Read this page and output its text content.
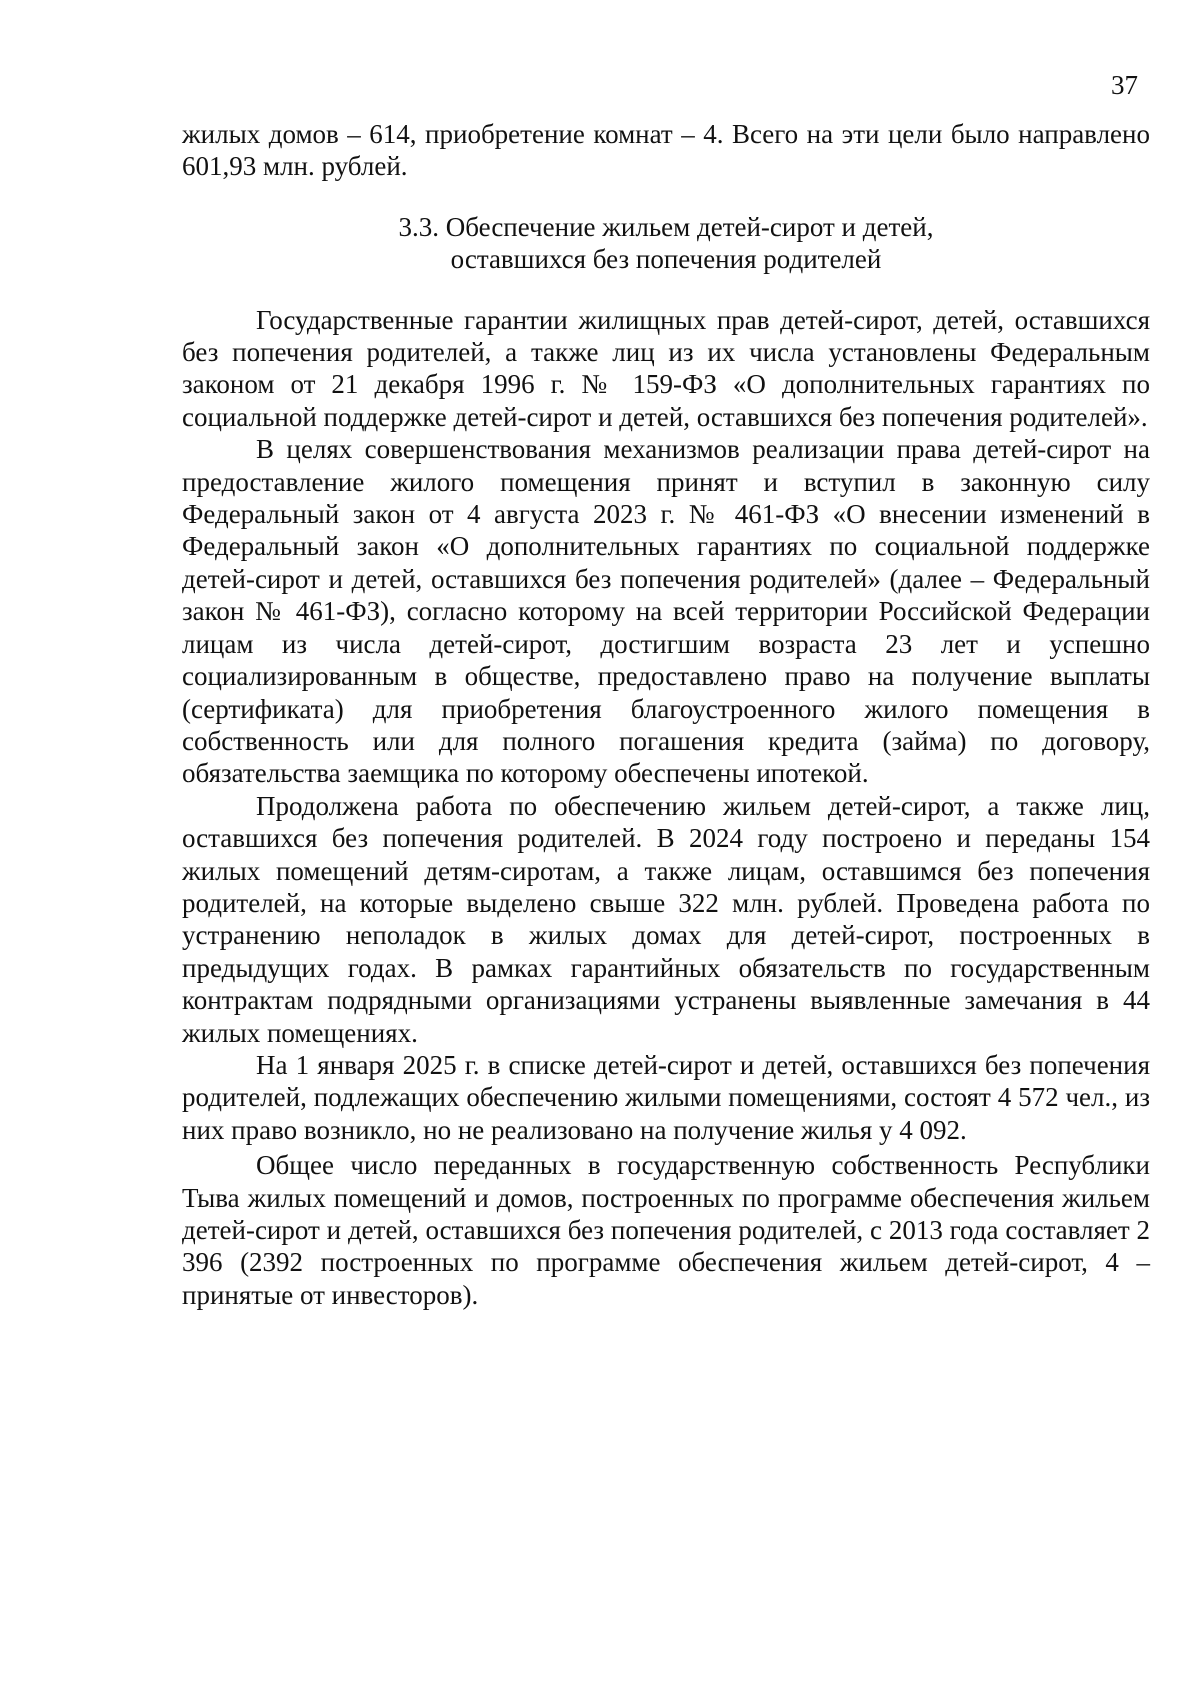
37

жилых домов – 614, приобретение комнат – 4. Всего на эти цели было направлено 601,93 млн. рублей.

3.3. Обеспечение жильем детей-сирот и детей,
оставшихся без попечения родителей

Государственные гарантии жилищных прав детей-сирот, детей, оставшихся без попечения родителей, а также лиц из их числа установлены Федеральным законом от 21 декабря 1996 г. № 159-ФЗ «О дополнительных гарантиях по социальной поддержке детей-сирот и детей, оставшихся без попечения родителей».

В целях совершенствования механизмов реализации права детей-сирот на предоставление жилого помещения принят и вступил в законную силу Федеральный закон от 4 августа 2023 г. № 461-ФЗ «О внесении изменений в Федеральный закон «О дополнительных гарантиях по социальной поддержке детей-сирот и детей, оставшихся без попечения родителей» (далее – Федеральный закон № 461-ФЗ), согласно которому на всей территории Российской Федерации лицам из числа детей-сирот, достигшим возраста 23 лет и успешно социализированным в обществе, предоставлено право на получение выплаты (сертификата) для приобретения благоустроенного жилого помещения в собственность или для полного погашения кредита (займа) по договору, обязательства заемщика по которому обеспечены ипотекой.

Продолжена работа по обеспечению жильем детей-сирот, а также лиц, оставшихся без попечения родителей. В 2024 году построено и переданы 154 жилых помещений детям-сиротам, а также лицам, оставшимся без попечения родителей, на которые выделено свыше 322 млн. рублей. Проведена работа по устранению неполадок в жилых домах для детей-сирот, построенных в предыдущих годах. В рамках гарантийных обязательств по государственным контрактам подрядными организациями устранены выявленные замечания в 44 жилых помещениях.

На 1 января 2025 г. в списке детей-сирот и детей, оставшихся без попечения родителей, подлежащих обеспечению жилыми помещениями, состоят 4 572 чел., из них право возникло, но не реализовано на получение жилья у 4 092.

Общее число переданных в государственную собственность Республики Тыва жилых помещений и домов, построенных по программе обеспечения жильем детей-сирот и детей, оставшихся без попечения родителей, с 2013 года составляет 2 396 (2392 построенных по программе обеспечения жильем детей-сирот, 4 – принятые от инвесторов).
